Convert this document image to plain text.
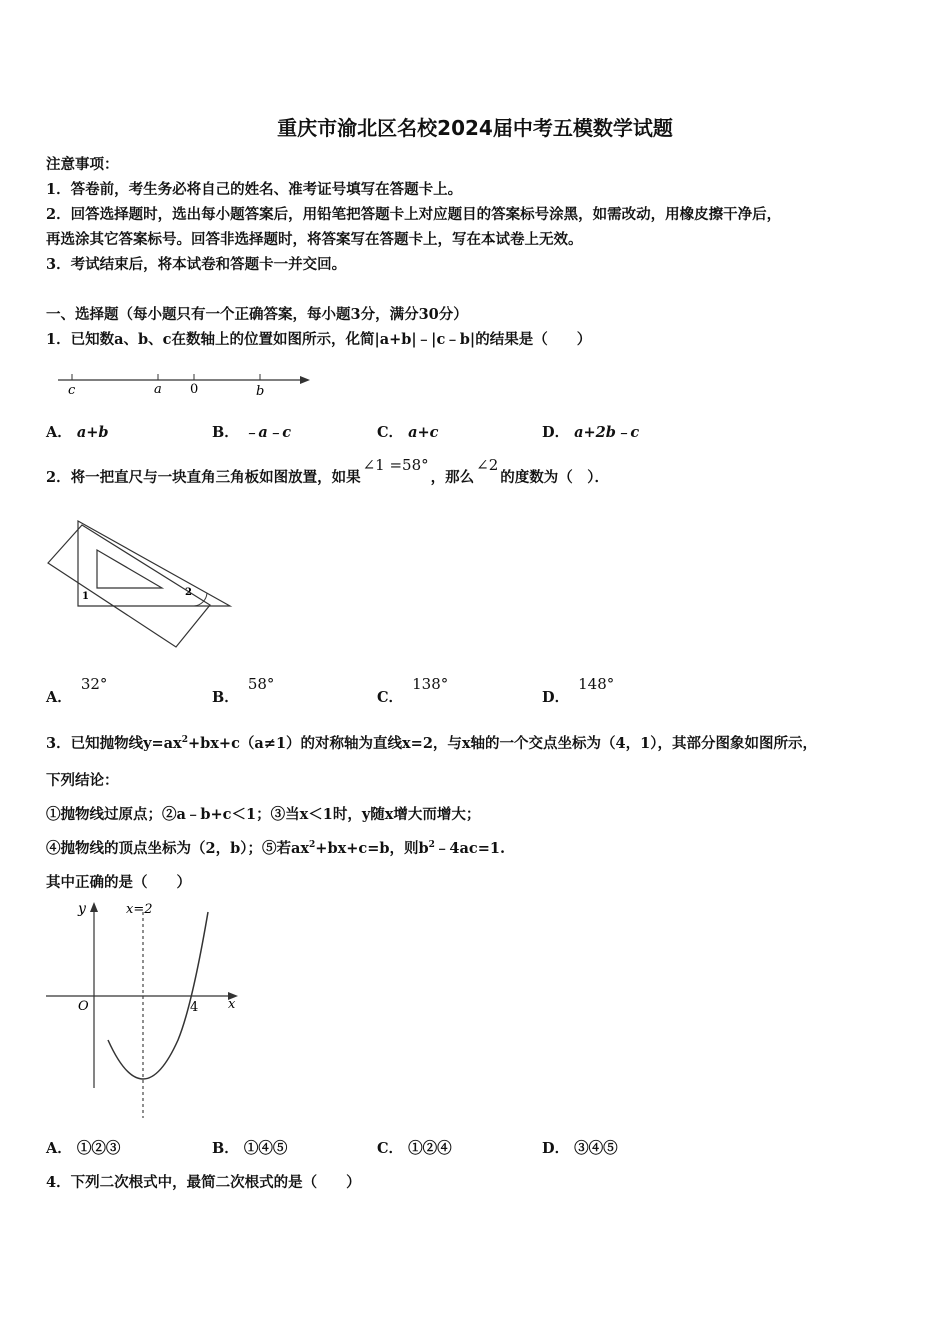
重庆市渝北区名校2024届中考五模数学试题
注意事项：
1．答卷前，考生务必将自己的姓名、准考证号填写在答题卡上。
2．回答选择题时，选出每小题答案后，用铅笔把答题卡上对应题目的答案标号涂黑，如需改动，用橡皮擦干净后，
再选涂其它答案标号。回答非选择题时，将答案写在答题卡上，写在本试卷上无效。
3．考试结束后，将本试卷和答题卡一并交回。
一、选择题（每小题只有一个正确答案，每小题3分，满分30分）
1．已知数a、b、c在数轴上的位置如图所示，化简|a+b|﹣|c﹣b|的结果是（　　）
c	a 0	b
A． a+b	B． ﹣a﹣c	C． a+c	D． a+2b﹣c
2．将一把直尺与一块直角三角板如图放置，如果∠1 =58°，那么∠2的度数为（　）．
1	2
A． 32°
B． 58°
C． 138°
D． 148°
3．已知抛物线$y=ax^2+bx+c(a\ne 1)$的对称轴为直线x=2，与x轴的一个交点坐标为（4，1），其部分图象如图所示，
下列结论：
①抛物线过原点；②a﹣b+c＜1；③当x＜1时，y随x增大而增大；
④抛物线的顶点坐标为（2，b）；⑤若$ax^2+bx+c=b$，则$b^2﹣4ac=1$.
其中正确的是（　　）
y	x=2
O	4 x
A． ①②③	B． ①④⑤	C． ①②④	D． ③④⑤
4．下列二次根式中，最简二次根式的是（　　）
